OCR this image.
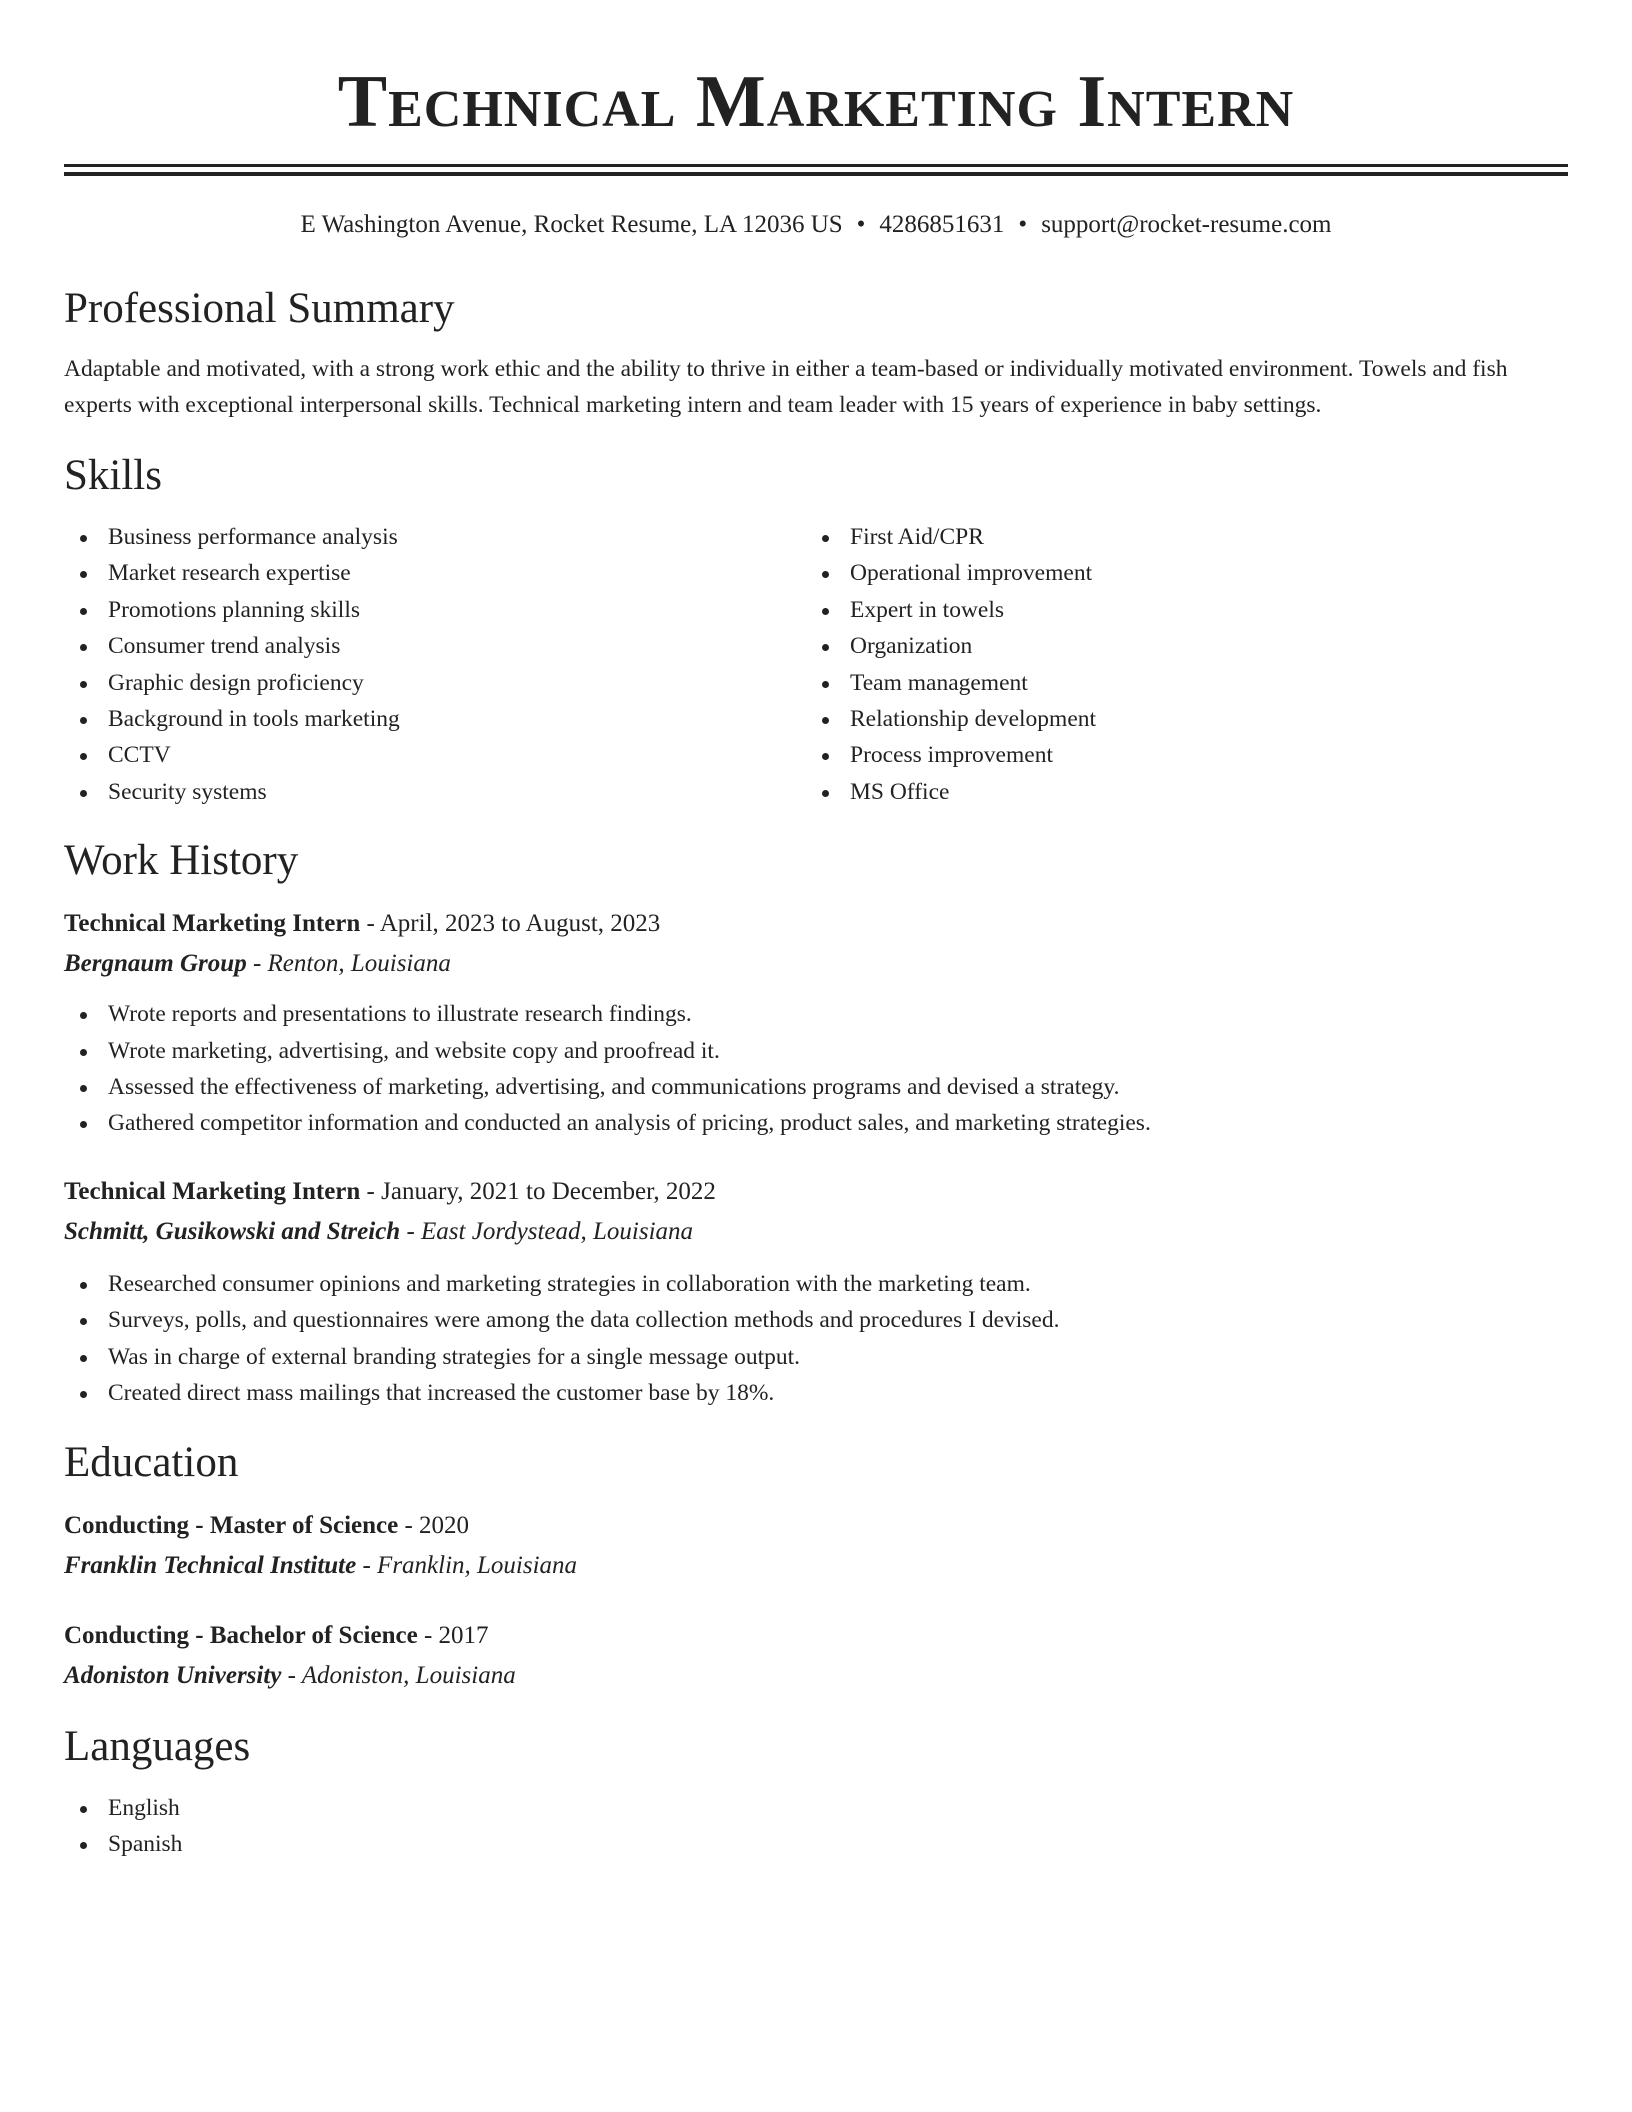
Technical Marketing Intern
E Washington Avenue, Rocket Resume, LA 12036 US • 4286851631 • support@rocket-resume.com
Professional Summary

Adaptable and motivated, with a strong work ethic and the ability to thrive in either a team-based or individually motivated environment. Towels and fish experts with exceptional interpersonal skills. Technical marketing intern and team leader with 15 years of experience in baby settings.

Skills
Business performance analysis
Market research expertise
Promotions planning skills
Consumer trend analysis
Graphic design proficiency
Background in tools marketing
CCTV
Security systems
First Aid/CPR
Operational improvement
Expert in towels
Organization
Team management
Relationship development
Process improvement
MS Office
Work History
Technical Marketing Intern - April, 2023 to August, 2023
Bergnaum Group - Renton, Louisiana
Wrote reports and presentations to illustrate research findings.
Wrote marketing, advertising, and website copy and proofread it.
Assessed the effectiveness of marketing, advertising, and communications programs and devised a strategy.
Gathered competitor information and conducted an analysis of pricing, product sales, and marketing strategies.
Technical Marketing Intern - January, 2021 to December, 2022
Schmitt, Gusikowski and Streich - East Jordystead, Louisiana
Researched consumer opinions and marketing strategies in collaboration with the marketing team.
Surveys, polls, and questionnaires were among the data collection methods and procedures I devised.
Was in charge of external branding strategies for a single message output.
Created direct mass mailings that increased the customer base by 18%.
Education
Conducting - Master of Science - 2020
Franklin Technical Institute - Franklin, Louisiana
Conducting - Bachelor of Science - 2017
Adoniston University - Adoniston, Louisiana
Languages
English
Spanish
